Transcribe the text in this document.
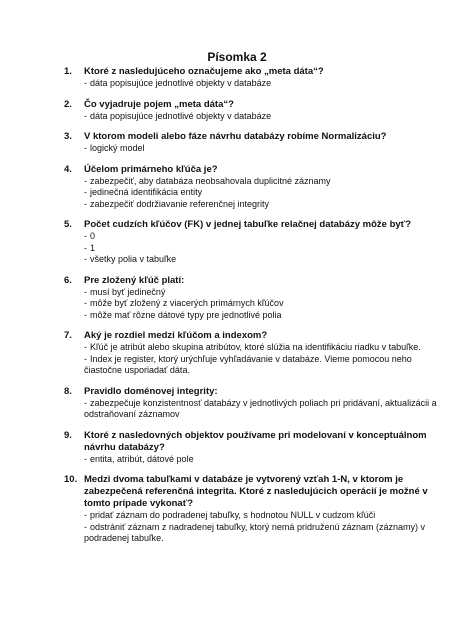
Písomka 2
1. Ktoré z nasledujúceho označujeme ako „meta dáta“?
- dáta popisujúce jednotlivé objekty v databáze
2. Čo vyjadruje pojem „meta dáta“?
- dáta popisujúce jednotlivé objekty v databáze
3. V ktorom modeli alebo fáze návrhu databázy robíme Normalizáciu?
- logický model
4. Účelom primárneho kľúča je?
- zabezpečiť, aby databáza neobsahovala duplicitné záznamy
- jedinečná identifikácia entity
- zabezpečiť dodržiavanie referenčnej integrity
5. Počet cudzích kľúčov (FK) v jednej tabuľke relačnej databázy môže byť?
- 0
- 1
- všetky polia v tabuľke
6. Pre zložený kľúč platí:
- musí byť jedinečný
- môže byť zložený z viacerých primárnych kľúčov
- môže mať rôzne dátové typy pre jednotlivé polia
7. Aký je rozdiel medzi kľúčom a indexom?
- Kľúč je atribút alebo skupina atribútov, ktoré slúžia na identifikáciu riadku v tabuľke.
- Index je register, ktorý urýchľuje vyhľadávanie v databáze. Vieme pomocou neho čiastočne usporiadať dáta.
8. Pravidlo doménovej integrity:
- zabezpečuje konzistentnosť databázy v jednotlivých poliach pri pridávaní, aktualizácii a odstraňovaní záznamov
9. Ktoré z nasledovných objektov používame pri modelovaní v konceptuálnom návrhu databázy?
- entita, atribút, dátové pole
10. Medzi dvoma tabuľkami v databáze je vytvorený vzťah 1-N, v ktorom je zabezpečená referenčná integrita. Ktoré z nasledujúcich operácií je možné v tomto prípade vykonať?
- pridať záznam do podradenej tabuľky, s hodnotou NULL v cudzom kľúči
- odstrániť záznam z nadradenej tabuľky, ktorý nemá pridruženú záznam (záznamy) v podradenej tabuľke.
